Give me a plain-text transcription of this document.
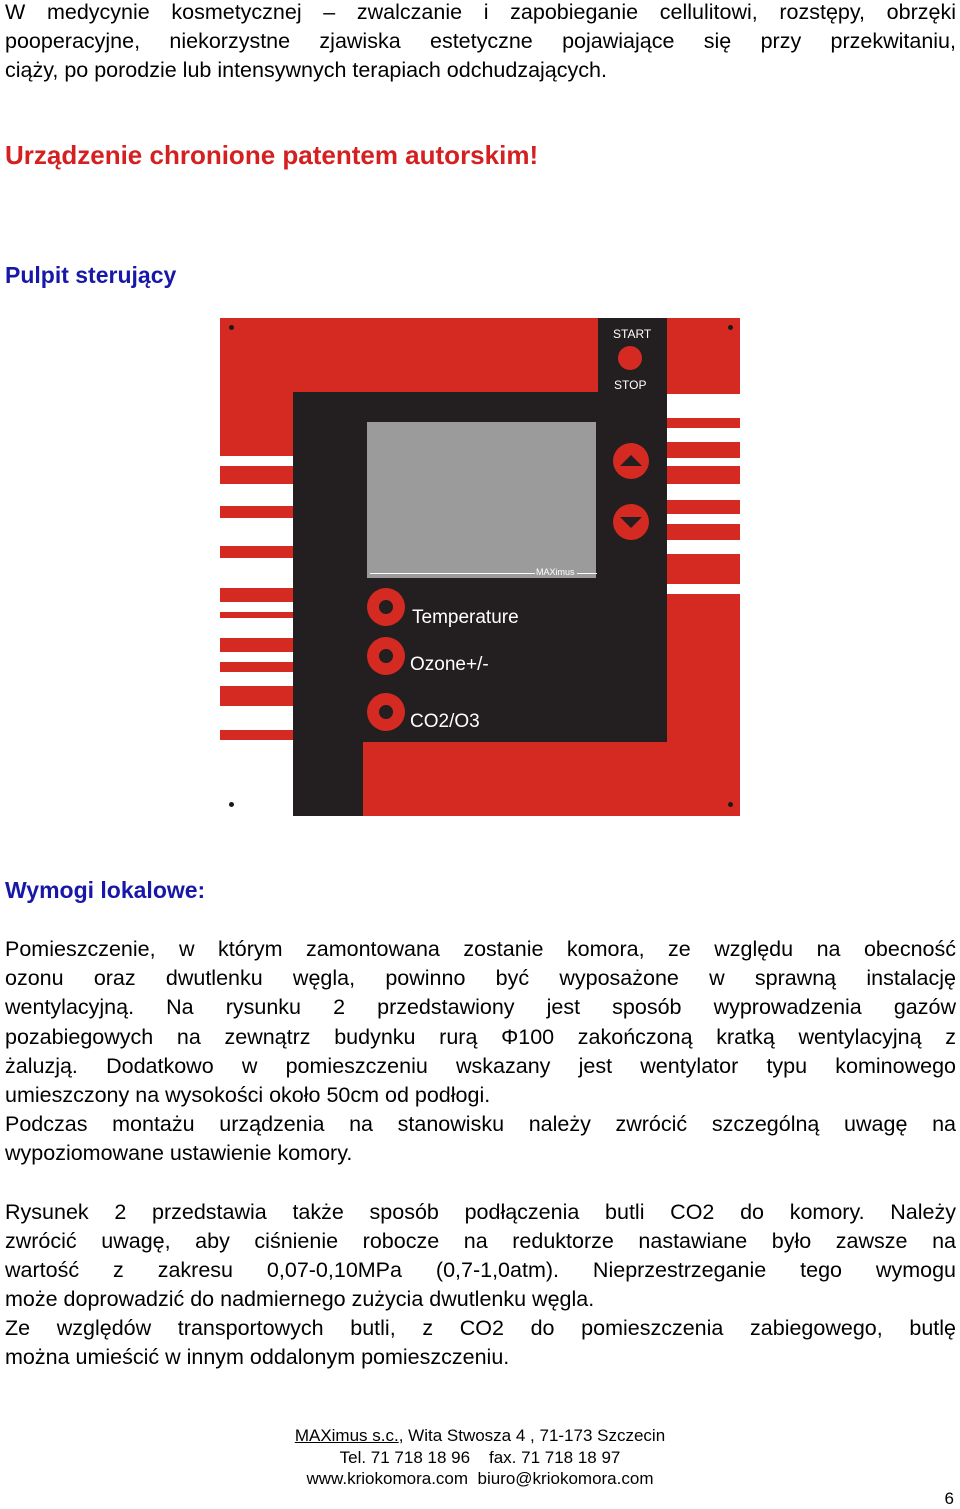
W medycynie kosmetycznej – zwalczanie i zapobieganie cellulitowi, rozstępy, obrzęki
pooperacyjne, niekorzystne zjawiska estetyczne pojawiające się przy przekwitaniu,
ciąży, po porodzie lub intensywnych terapiach odchudzających.
Urządzenie chronione patentem autorskim!
Pulpit sterujący
MAXimus
START
STOP
Temperature
Ozone+/-
CO2/O3
Wymogi lokalowe:
Pomieszczenie, w którym zamontowana zostanie komora, ze względu na obecność
ozonu oraz dwutlenku węgla, powinno być wyposażone w sprawną instalację
wentylacyjną. Na rysunku 2 przedstawiony jest sposób wyprowadzenia gazów
pozabiegowych na zewnątrz budynku rurą Φ100 zakończoną kratką wentylacyjną z
żaluzją. Dodatkowo w pomieszczeniu wskazany jest wentylator typu kominowego
umieszczony na wysokości około 50cm od podłogi.
Podczas montażu urządzenia na stanowisku należy zwrócić szczególną uwagę na
wypoziomowane ustawienie komory.
Rysunek 2 przedstawia także sposób podłączenia butli CO2 do komory. Należy
zwrócić uwagę, aby ciśnienie robocze na reduktorze nastawiane było zawsze na
wartość z zakresu 0,07-0,10MPa (0,7-1,0atm). Nieprzestrzeganie tego wymogu
może doprowadzić do nadmiernego zużycia dwutlenku węgla.
Ze względów transportowych butli, z CO2 do pomieszczenia zabiegowego, butlę
można umieścić w innym oddalonym pomieszczeniu.
MAXimus s.c., Wita Stwosza 4 , 71-173 Szczecin
Tel. 71 718 18 96 fax. 71 718 18 97
www.kriokomora.com biuro@kriokomora.com
6
